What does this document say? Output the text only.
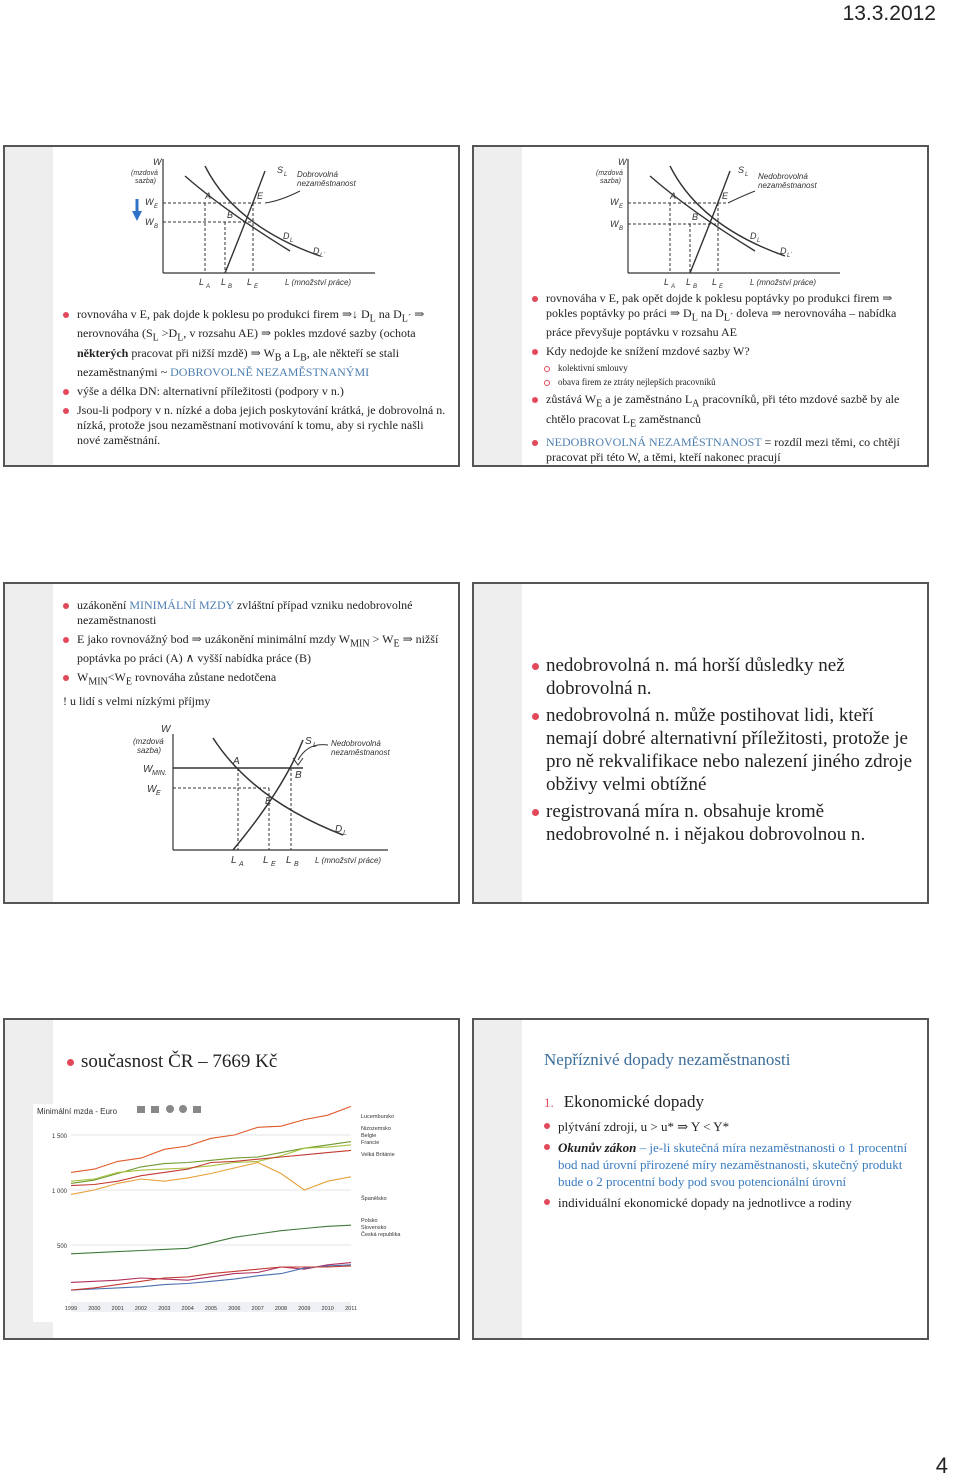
13.3.2012
W
(mzdová
sazba)
W E
W B
S L Dobrovolná
nezaměstnanost
A	E
B
D L
D L´
L A L B L E	L (množství práce)
rovnováha v E, pak dojde k poklesu po produkci firem ⇒↓ $D_L$ na $D_{L´}$ ⇒ nerovnováha ($S_L >D_L$, v rozsahu AE) ⇒ pokles mzdové sazby (ochota některých pracovat při nižší mzdě) ⇒ $W_B$ a $L_B$, ale někteří se stali nezaměstnanými ~ DOBROVOLNĚ NEZAMĚSTNANÝMI
výše a délka DN: alternativní příležitosti (podpory v n.)
Jsou-li podpory v n. nízké a doba jejich poskytování krátká, je dobrovolná n. nízká, protože jsou nezaměstnaní motivování k tomu, aby si rychle našli nové zaměstnání.
W
(mzdová
sazba)
W E
W B
S L Nedobrovolná
nezaměstnanost
A	E
B
D L
D L´
L A L B L E	L (množství práce)
rovnováha v E, pak opět dojde k poklesu poptávky po produkci firem ⇒ pokles poptávky po práci ⇒ $D_L$ na $D_{L´}$ doleva ⇒ nerovnováha – nabídka práce převyšuje poptávku v rozsahu AE
Kdy nedojde ke snížení mzdové sazby W?
kolektivní smlouvy
obava firem ze ztráty nejlepších pracovníků
zůstává $W_E$ a je zaměstnáno $L_A$ pracovníků, při této mzdové sazbě by ale chtělo pracovat $L_E$ zaměstnanců
NEDOBROVOLNÁ NEZAMĚSTNANOST = rozdíl mezi těmi, co chtějí pracovat při této W, a těmi, kteří nakonec pracují
uzákonění MINIMÁLNÍ MZDY zvláštní případ vzniku nedobrovolné nezaměstnanosti
E jako rovnovážný bod ⇒ uzákonění minimální mzdy $W_{MIN} > W_E$ ⇒ nižší poptávka po práci (A) ∧ vyšší nabídka práce (B)
$W_{MIN}<W_E$ rovnováha zůstane nedotčena
! u lidí s velmi nízkými příjmy
W
(mzdová
sazba)
W MIN.
W E
S L Nedobrovolná
nezaměstnanost
A
B
E
D L
L A L E L B L (množství práce)
nedobrovolná n. má horší důsledky než dobrovolná n.
nedobrovolná n. může postihovat lidi, kteří nemají dobré alternativní příležitosti, protože je pro ně rekvalifikace nebo nalezení jiného zdroje obživy velmi obtížné
registrovaná míra n. obsahuje kromě nedobrovolné n. i nějakou dobrovolnou n.
současnost ČR – 7669 Kč
Minimální mzda - Euro
500
1 000
1 500
1999 2000 2001 2002 2003 2004 2005 2006 2007 2008 2009 2010 2011
Lucembursko
Nizozemsko
Belgie
Francie
Velká Británie
Španělsko
Polsko
Slovensko
Česká republika
Nepříznivé dopady nezaměstnanosti
1. Ekonomické dopady
plýtvání zdroji, u > u* ⇒ Y < Y*
Okunův zákon – je-li skutečná míra nezaměstnanosti o 1 procentní bod nad úrovní přirozené míry nezaměstnanosti, skutečný produkt bude o 2 procentní body pod svou potencionální úrovní
individuální ekonomické dopady na jednotlivce a rodiny
4
